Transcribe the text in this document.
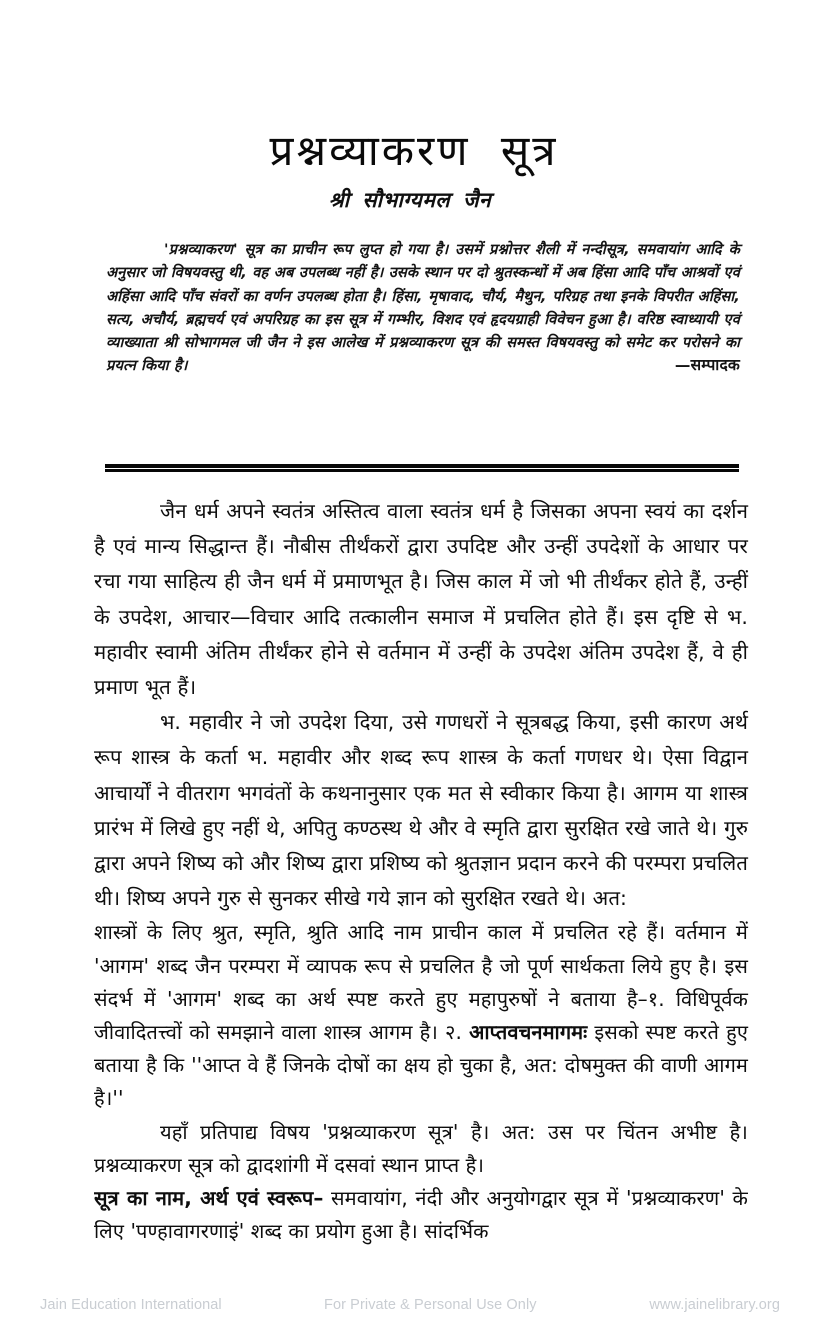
प्रश्नव्याकरण सूत्र
श्री सौभाग्यमल जैन
'प्रश्नव्याकरण' सूत्र का प्राचीन रूप लुप्त हो गया है। उसमें प्रश्नोत्तर शैली में नन्दीसूत्र, समवायांग आदि के अनुसार जो विषयवस्तु थी, वह अब उपलब्ध नहीं है। उसके स्थान पर दो श्रुतस्कन्धों में अब हिंसा आदि पाँच आश्रवों एवं अहिंसा आदि पाँच संवरों का वर्णन उपलब्ध होता है। हिंसा, मृषावाद, चौर्य, मैथुन, परिग्रह तथा इनके विपरीत अहिंसा, सत्य, अचौर्य, ब्रह्मचर्य एवं अपरिग्रह का इस सूत्र में गम्भीर, विशद एवं हृदयग्राही विवेचन हुआ है। वरिष्ठ स्वाध्यायी एवं व्याख्याता श्री सोभागमल जी जैन ने इस आलेख में प्रश्नव्याकरण सूत्र की समस्त विषयवस्तु को समेट कर परोसने का प्रयत्न किया है।	—सम्पादक

जैन धर्म अपने स्वतंत्र अस्तित्व वाला स्वतंत्र धर्म है जिसका अपना स्वयं का दर्शन है एवं मान्य सिद्धान्त हैं। नौबीस तीर्थंकरों द्वारा उपदिष्ट और उन्हीं उपदेशों के आधार पर रचा गया साहित्य ही जैन धर्म में प्रमाणभूत है। जिस काल में जो भी तीर्थंकर होते हैं, उन्हीं के उपदेश, आचार—विचार आदि तत्कालीन समाज में प्रचलित होते हैं। इस दृष्टि से भ. महावीर स्वामी अंतिम तीर्थंकर होने से वर्तमान में उन्हीं के उपदेश अंतिम उपदेश हैं, वे ही प्रमाण भूत हैं।

भ. महावीर ने जो उपदेश दिया, उसे गणधरों ने सूत्रबद्ध किया, इसी कारण अर्थ रूप शास्त्र के कर्ता भ. महावीर और शब्द रूप शास्त्र के कर्ता गणधर थे। ऐसा विद्वान आचार्यों ने वीतराग भगवंतों के कथनानुसार एक मत से स्वीकार किया है। आगम या शास्त्र प्रारंभ में लिखे हुए नहीं थे, अपितु कण्ठस्थ थे और वे स्मृति द्वारा सुरक्षित रखे जाते थे। गुरु द्वारा अपने शिष्य को और शिष्य द्वारा प्रशिष्य को श्रुतज्ञान प्रदान करने की परम्परा प्रचलित थी। शिष्य अपने गुरु से सुनकर सीखे गये ज्ञान को सुरक्षित रखते थे। अत:

शास्त्रों के लिए श्रुत, स्मृति, श्रुति आदि नाम प्राचीन काल में प्रचलित रहे हैं। वर्तमान में 'आगम' शब्द जैन परम्परा में व्यापक रूप से प्रचलित है जो पूर्ण सार्थकता लिये हुए है। इस संदर्भ में 'आगम' शब्द का अर्थ स्पष्ट करते हुए महापुरुषों ने बताया है–१. विधिपूर्वक जीवादितत्त्वों को समझाने वाला शास्त्र आगम है। २. आप्तवचनमागमः इसको स्पष्ट करते हुए बताया है कि ''आप्त वे हैं जिनके दोषों का क्षय हो चुका है, अत: दोषमुक्त की वाणी आगम है।''

यहाँ प्रतिपाद्य विषय 'प्रश्नव्याकरण सूत्र' है। अत: उस पर चिंतन अभीष्ट है। प्रश्नव्याकरण सूत्र को द्वादशांगी में दसवां स्थान प्राप्त है।

सूत्र का नाम, अर्थ एवं स्वरूप– समवायांग, नंदी और अनुयोगद्वार सूत्र में 'प्रश्नव्याकरण' के लिए 'पण्हावागरणाइं' शब्द का प्रयोग हुआ है। सांदर्भिक

Jain Education International	For Private & Personal Use Only	www.jainelibrary.org
